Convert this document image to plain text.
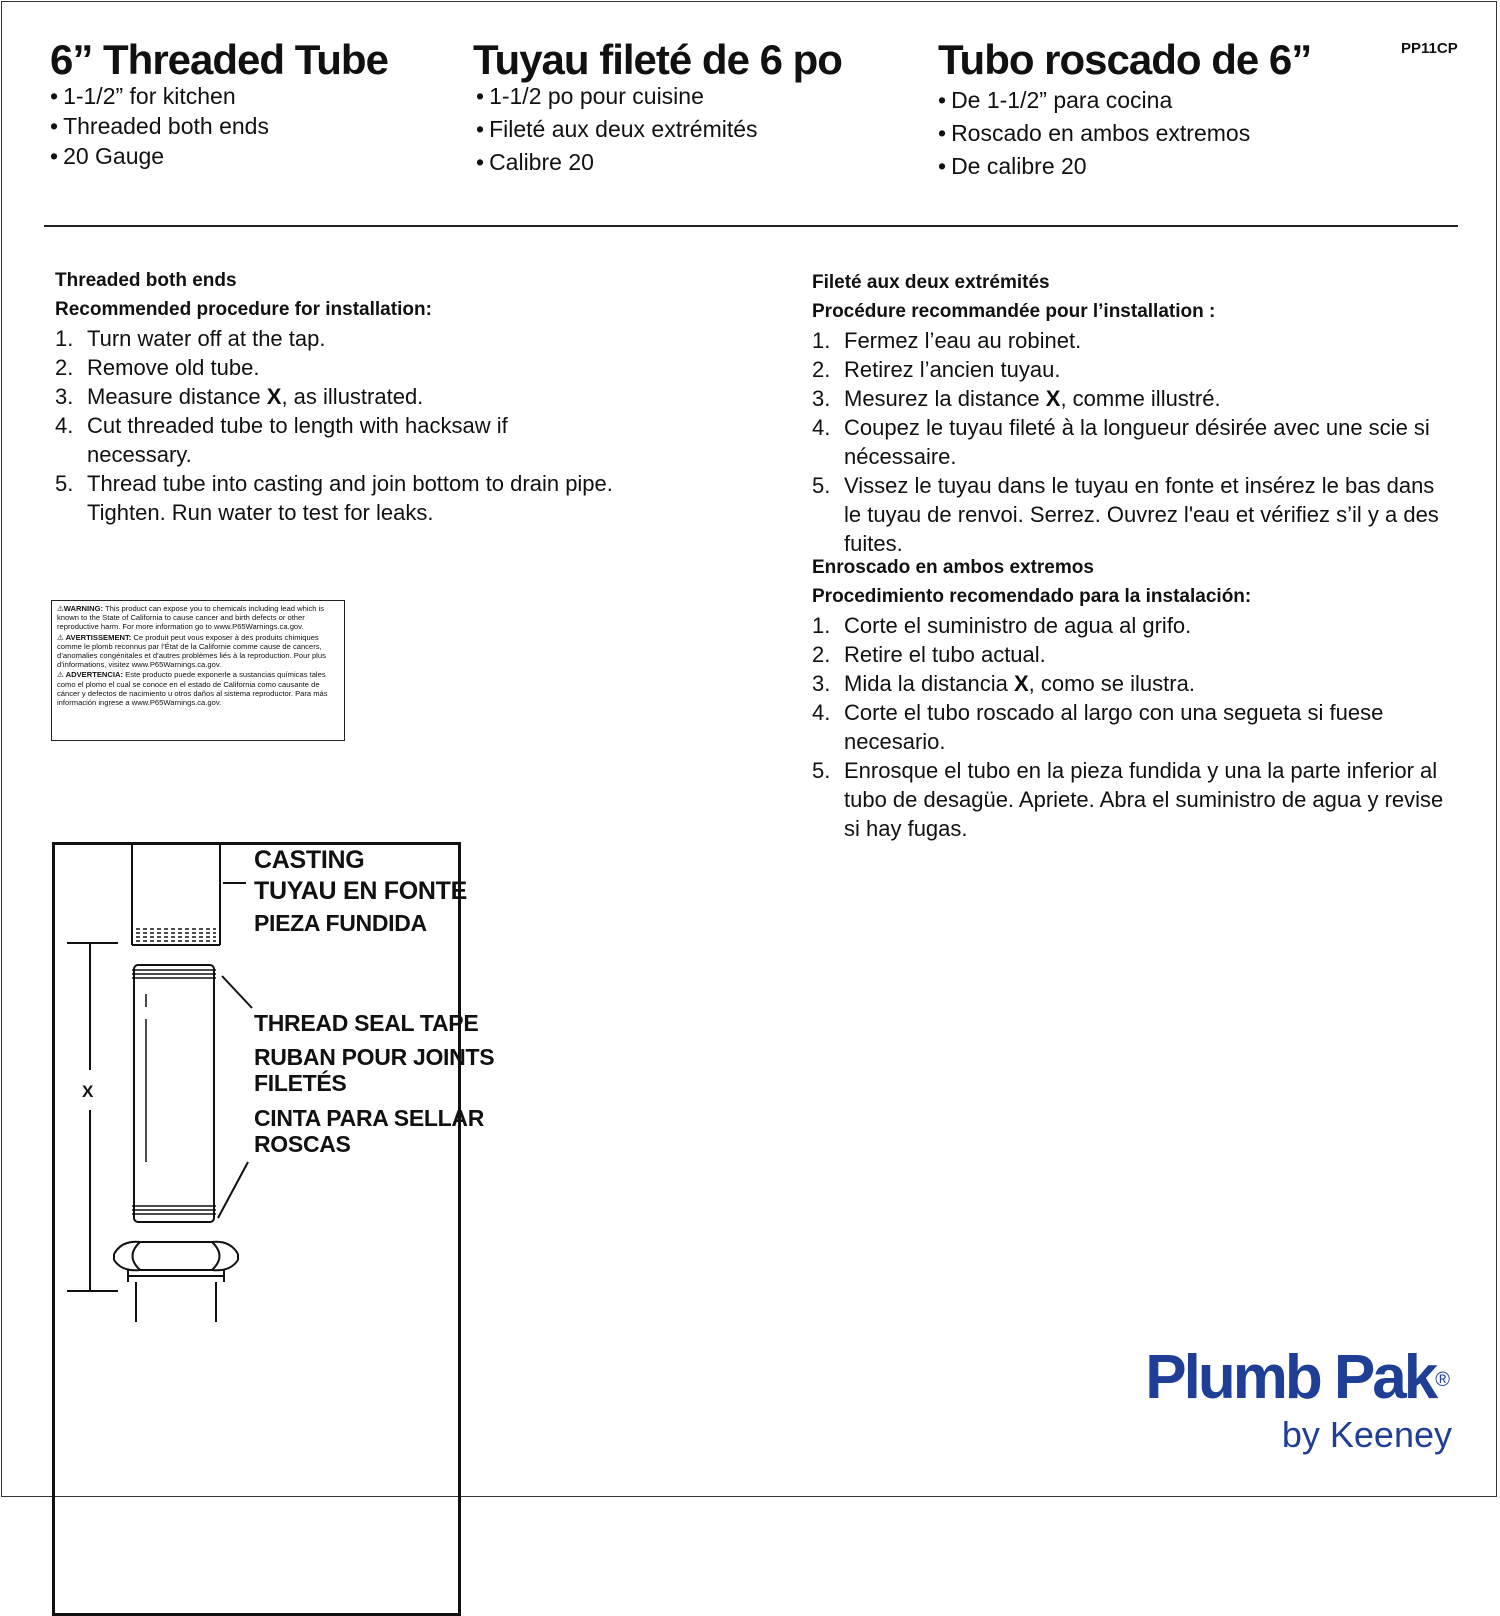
6” Threaded Tube Tuyau fileté de 6 po Tubo roscado de 6”	PP11CP
• 1-1/2” for kitchen
• Threaded both ends
• 20 Gauge
• 1-1/2 po pour cuisine
• Fileté aux deux extrémités
• Calibre 20
• De 1-1/2” para cocina
• Roscado en ambos extremos
• De calibre 20
Threaded both ends
Recommended procedure for installation:
1. Turn water off at the tap.
2. Remove old tube.
3. Measure distance X, as illustrated.
4. Cut threaded tube to length with hacksaw if necessary.
5. Thread tube into casting and join bottom to drain pipe. Tighten. Run water to test for leaks.
Fileté aux deux extrémités
Procédure recommandée pour l’installation :
1. Fermez l’eau au robinet.
2. Retirez l’ancien tuyau.
3. Mesurez la distance X, comme illustré.
4. Coupez le tuyau fileté à la longueur désirée avec une scie si nécessaire.
5. Vissez le tuyau dans le tuyau en fonte et insérez le bas dans le tuyau de renvoi. Serrez. Ouvrez l'eau et vérifiez s’il y a des fuites.
Enroscado en ambos extremos
Procedimiento recomendado para la instalación:
1. Corte el suministro de agua al grifo.
2. Retire el tubo actual.
3. Mida la distancia X, como se ilustra.
4. Corte el tubo roscado al largo con una segueta si fuese necesario.
5. Enrosque el tubo en la pieza fundida y una la parte inferior al tubo de desagüe. Apriete. Abra el suministro de agua y revise si hay fugas.

⚠WARNING: This product can expose you to chemicals including lead which is known to the State of California to cause cancer and birth defects or other reproductive harm. For more information go to www.P65Warnings.ca.gov.

⚠ AVERTISSEMENT: Ce produit peut vous exposer à des produits chimiques comme le plomb reconnus par l’État de la Californie comme cause de cancers, d’anomalies congénitales et d’autres problèmes liés à la reproduction. Pour plus d’informations, visitez www.P65Warnings.ca.gov.

⚠ ADVERTENCIA: Este producto puede exponerle a sustancias químicas tales como el plomo el cual se conoce en el estado de California como causante de cáncer y defectos de nacimiento u otros daños al sistema reproductor. Para más información ingrese a www.P65Warnings.ca.gov.

CASTING
TUYAU EN FONTE
PIEZA FUNDIDA
THREAD SEAL TAPE
RUBAN POUR JOINTS
FILETÉS
CINTA PARA SELLAR
ROSCAS
X
Plumb Pak®
by Keeney
